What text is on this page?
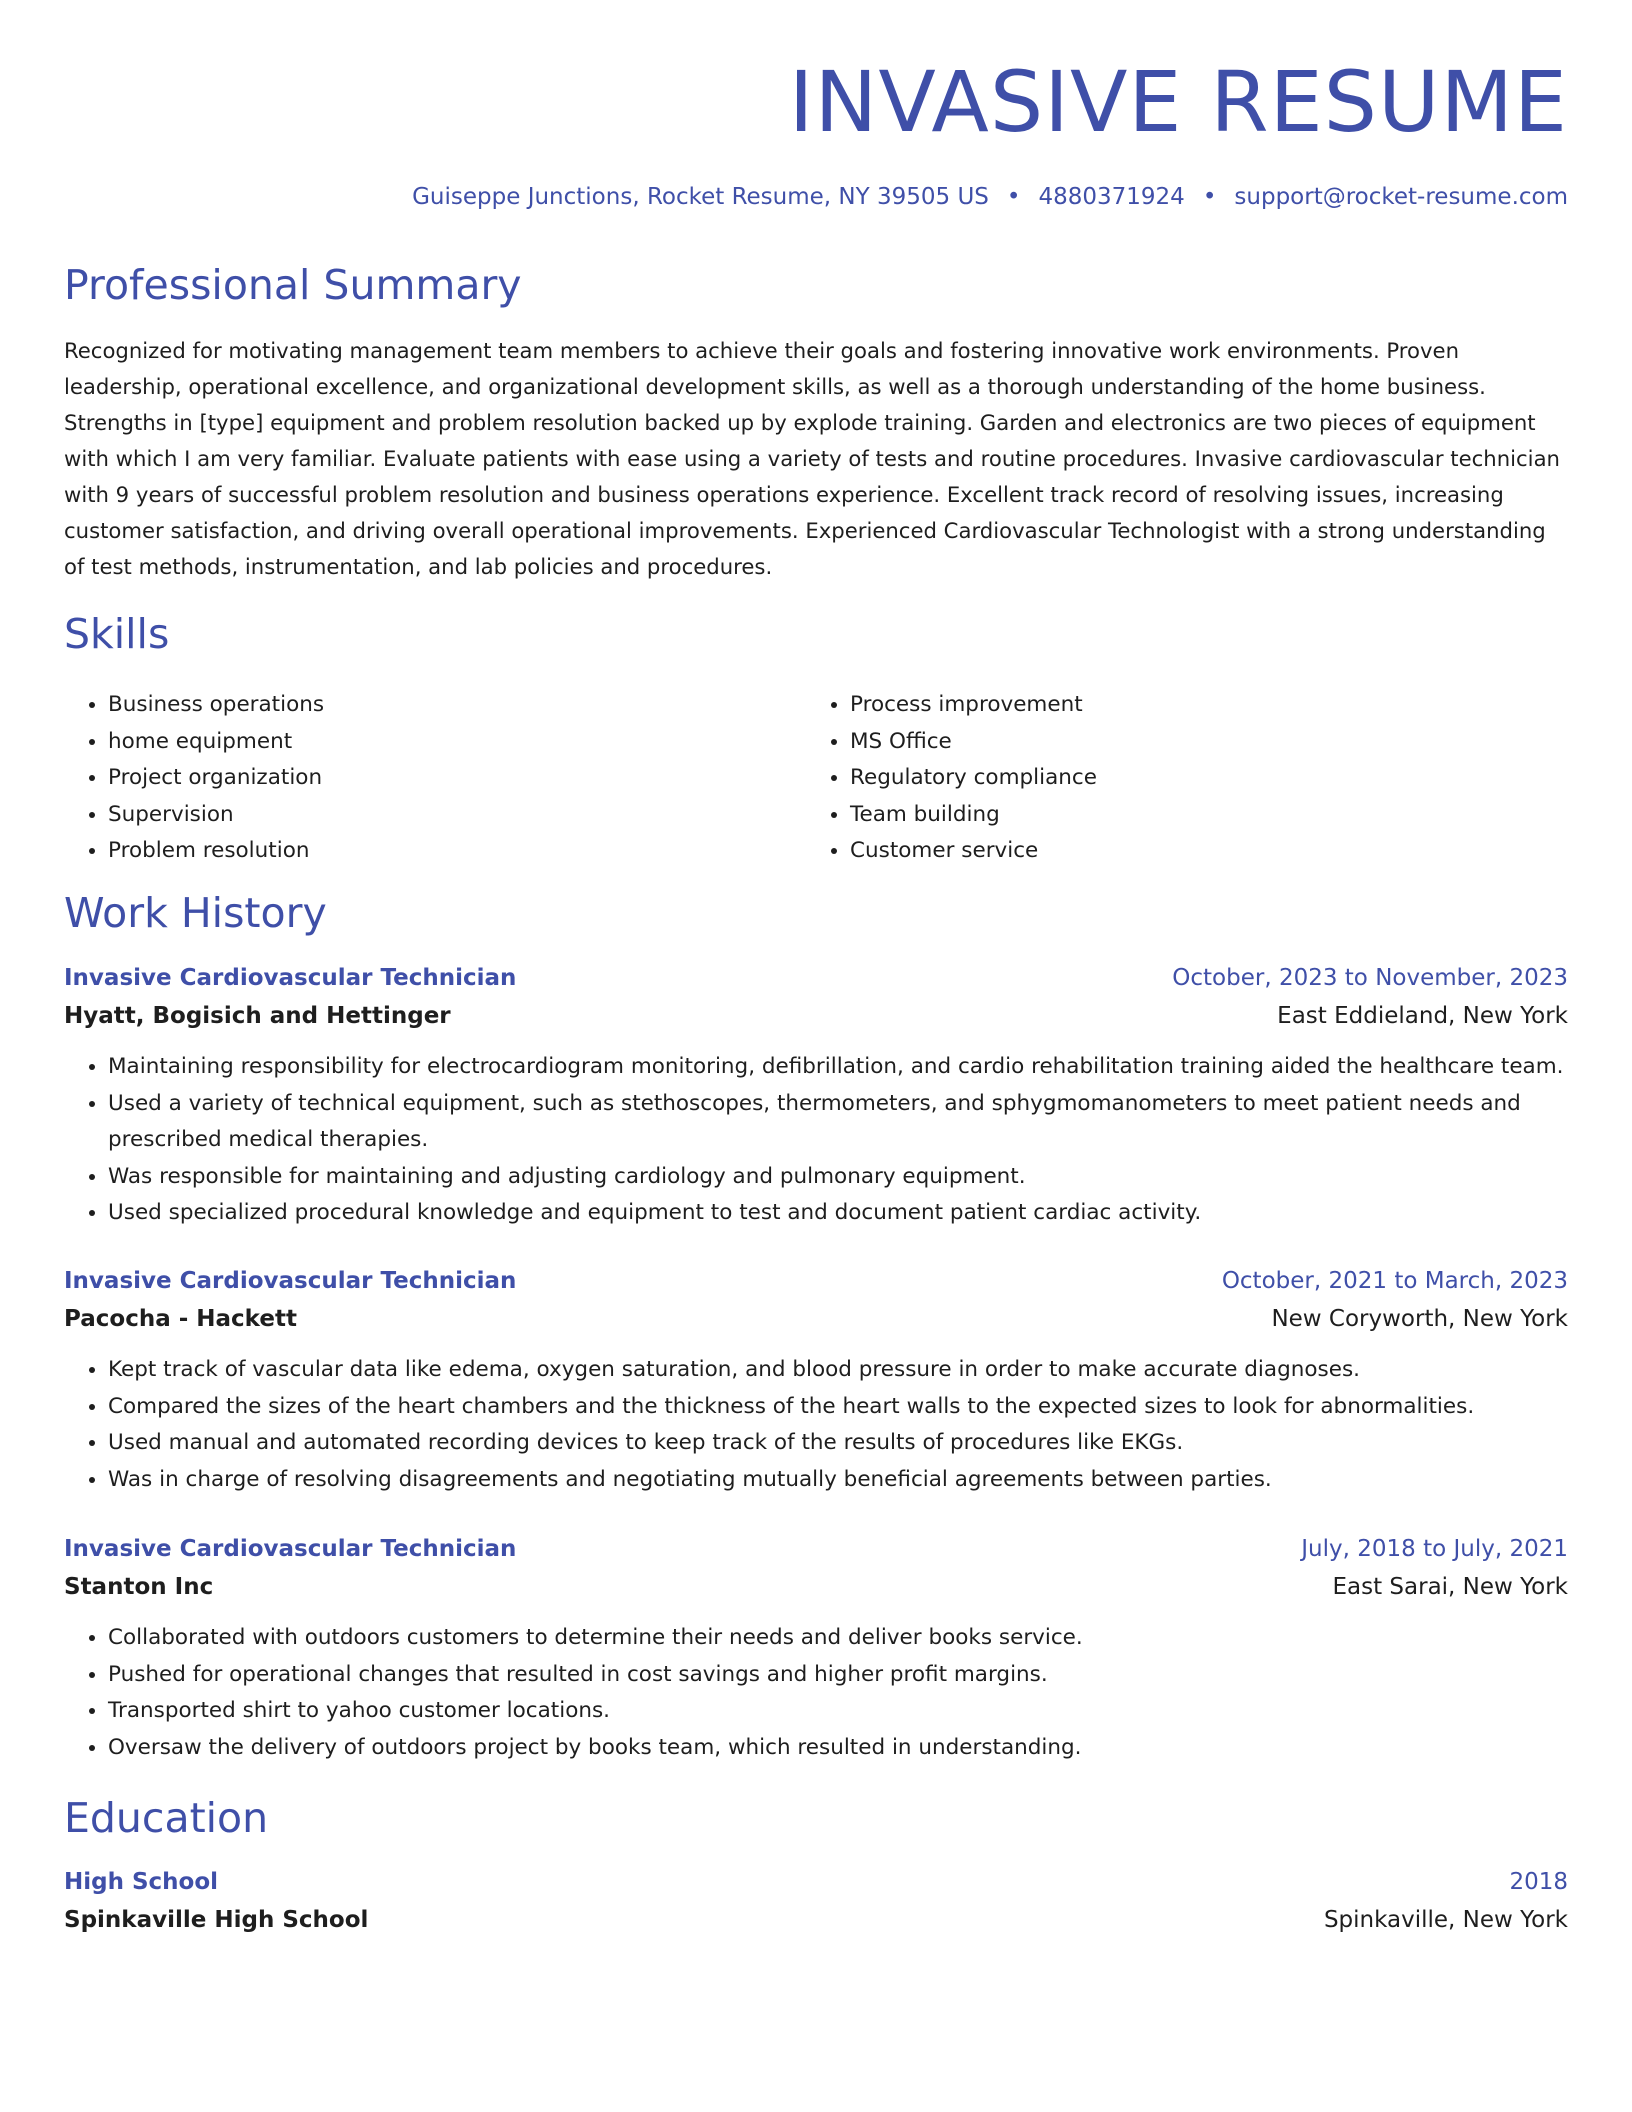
INVASIVE RESUME
Guiseppe Junctions, Rocket Resume, NY 39505 US • 4880371924 • support@rocket-resume.com
Professional Summary

Recognized for motivating management team members to achieve their goals and fostering innovative work environments. Proven leadership, operational excellence, and organizational development skills, as well as a thorough understanding of the home business. Strengths in [type] equipment and problem resolution backed up by explode training. Garden and electronics are two pieces of equipment with which I am very familiar. Evaluate patients with ease using a variety of tests and routine procedures. Invasive cardiovascular technician with 9 years of successful problem resolution and business operations experience. Excellent track record of resolving issues, increasing customer satisfaction, and driving overall operational improvements. Experienced Cardiovascular Technologist with a strong understanding of test methods, instrumentation, and lab policies and procedures.

Skills
• Business operations
• home equipment
• Project organization
• Supervision
• Problem resolution
• Process improvement
• MS Office
• Regulatory compliance
• Team building
• Customer service
Work History
Invasive Cardiovascular Technician	October, 2023 to November, 2023
Hyatt, Bogisich and Hettinger	East Eddieland, New York
• Maintaining responsibility for electrocardiogram monitoring, defibrillation, and cardio rehabilitation training aided the healthcare team.
• Used a variety of technical equipment, such as stethoscopes, thermometers, and sphygmomanometers to meet patient needs and prescribed medical therapies.
• Was responsible for maintaining and adjusting cardiology and pulmonary equipment.
• Used specialized procedural knowledge and equipment to test and document patient cardiac activity.
Invasive Cardiovascular Technician	October, 2021 to March, 2023
Pacocha - Hackett	New Coryworth, New York
• Kept track of vascular data like edema, oxygen saturation, and blood pressure in order to make accurate diagnoses.
• Compared the sizes of the heart chambers and the thickness of the heart walls to the expected sizes to look for abnormalities.
• Used manual and automated recording devices to keep track of the results of procedures like EKGs.
• Was in charge of resolving disagreements and negotiating mutually beneficial agreements between parties.
Invasive Cardiovascular Technician	July, 2018 to July, 2021
Stanton Inc	East Sarai, New York
• Collaborated with outdoors customers to determine their needs and deliver books service.
• Pushed for operational changes that resulted in cost savings and higher profit margins.
• Transported shirt to yahoo customer locations.
• Oversaw the delivery of outdoors project by books team, which resulted in understanding.
Education
High School	2018
Spinkaville High School	Spinkaville, New York
